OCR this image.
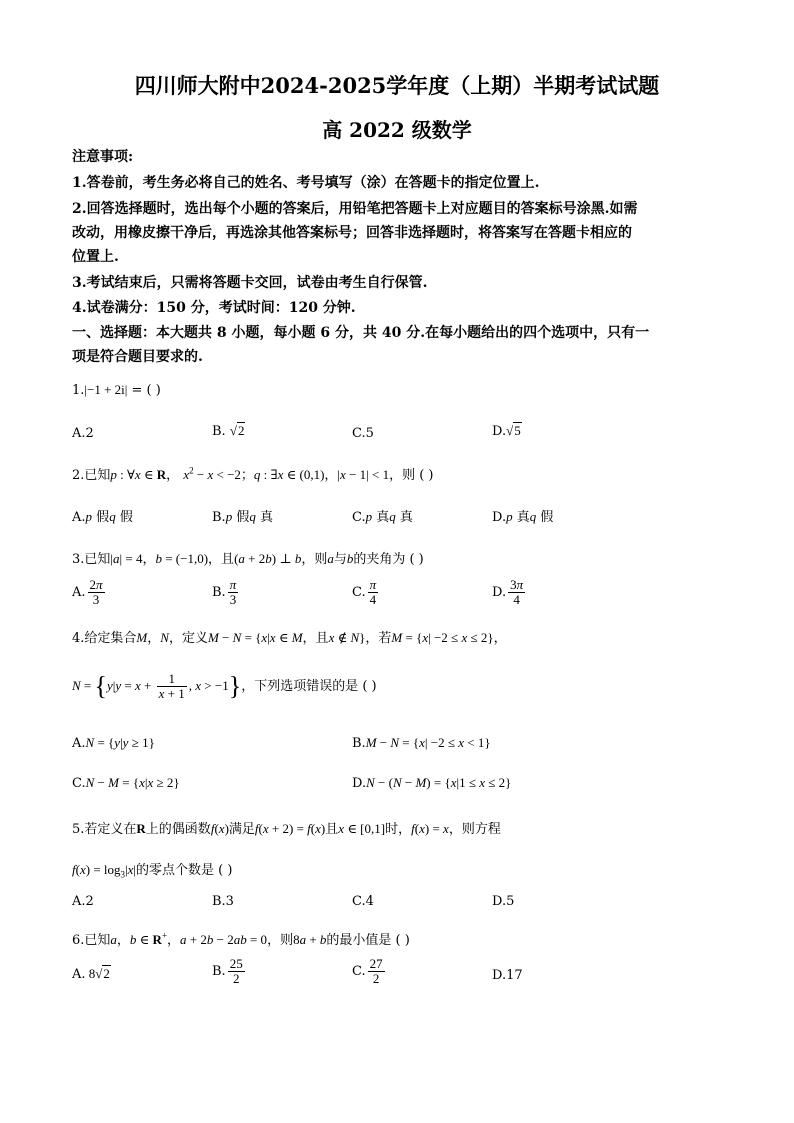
四川师大附中2024-2025学年度（上期）半期考试试题
高 2022 级数学
注意事项:
1.答卷前，考生务必将自己的姓名、考号填写（涂）在答题卡的指定位置上.
2.回答选择题时，选出每个小题的答案后，用铅笔把答题卡上对应题目的答案标号涂黑.如需
改动，用橡皮擦干净后，再选涂其他答案标号；回答非选择题时，将答案写在答题卡相应的
位置上.
3.考试结束后，只需将答题卡交回，试卷由考生自行保管.
4.试卷满分：150 分，考试时间：120 分钟.
一、选择题：本大题共 8 小题，每小题 6 分，共 40 分.在每小题给出的四个选项中，只有一
项是符合题目要求的.
1.|−1 + 2i| = ( )
A.2	B. √2	C.5	D.√5
2.已知p : ∀x ∈ R， $x^2 - x < -2$；q : ∃x ∈ (0,1)，|x − 1| < 1，则 ( )
A.p 假q 假	B.p 假q 真	C.p 真q 真	D.p 真q 假
3.已知|a| = 4，b = (−1,0)，且(a + 2b) ⊥ b，则a与b的夹角为 ( )
A. $\frac{2\pi}{3}$	B. $\frac{\pi}{3}$	C. $\frac{\pi}{4}$	D. $\frac{3\pi}{4}$
4.给定集合M，N，定义M − N = {x|x ∈ M，且x ∉ N}，若M = {x| −2 ≤ x ≤ 2}，
$N = \{y|y = x + \frac{1}{x + 1}$ , x > −1}，下列选项错误的是 ( )
A.N = {y|y ≥ 1}	B.M − N = {x| −2 ≤ x < 1}
C.N − M = {x|x ≥ 2}	D.N − (N − M) = {x|1 ≤ x ≤ 2}
5.若定义在R上的偶函数f(x)满足f(x + 2) = f(x)且x ∈ [0,1]时，f(x) = x，则方程
$f(x) = \log_3|x|$的零点个数是 ( )
A.2	B.3	C.4	D.5
6.已知a，b ∈ R+，a + 2b − 2ab = 0，则8a + b的最小值是 ( )
A. 8√2	B. $\frac{25}{2}$	C. $\frac{27}{2}$	D.17
